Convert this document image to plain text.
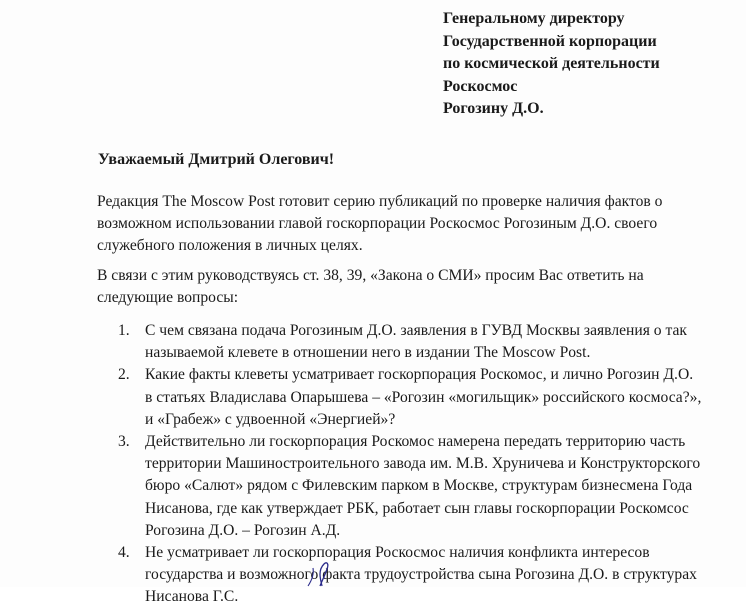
Генеральному директору
Государственной корпорации
по космической деятельности
Роскосмос
Рогозину Д.О.
Уважаемый Дмитрий Олегович!
Редакция The Moscow Post готовит серию публикаций по проверке наличия фактов о
возможном использовании главой госкорпорации Роскосмос Рогозиным Д.О. своего
служебного положения в личных целях.
В связи с этим руководствуясь ст. 38, 39, «Закона о СМИ» просим Вас ответить на
следующие вопросы:
1. С чем связана подача Рогозиным Д.О. заявления в ГУВД Москвы заявления о так
называемой клевете в отношении него в издании The Moscow Post.
2. Какие факты клеветы усматривает госкорпорация Роскомос, и лично Рогозин Д.О.
в статьях Владислава Опарышева – «Рогозин «могильщик» российского космоса?»,
и «Грабеж» с удвоенной «Энергией»?
3. Действительно ли госкорпорация Роскомос намерена передать территорию часть
территории Машиностроительного завода им. М.В. Хруничева и Конструкторского
бюро «Салют» рядом с Филевским парком в Москве, структурам бизнесмена Года
Нисанова, где как утверждает РБК, работает сын главы госкорпорации Роскомсос
Рогозина Д.О. – Рогозин А.Д.
4. Не усматривает ли госкорпорация Роскосмос наличия конфликта интересов
государства и возможного факта трудоустройства сына Рогозина Д.О. в структурах
Нисанова Г.С.
